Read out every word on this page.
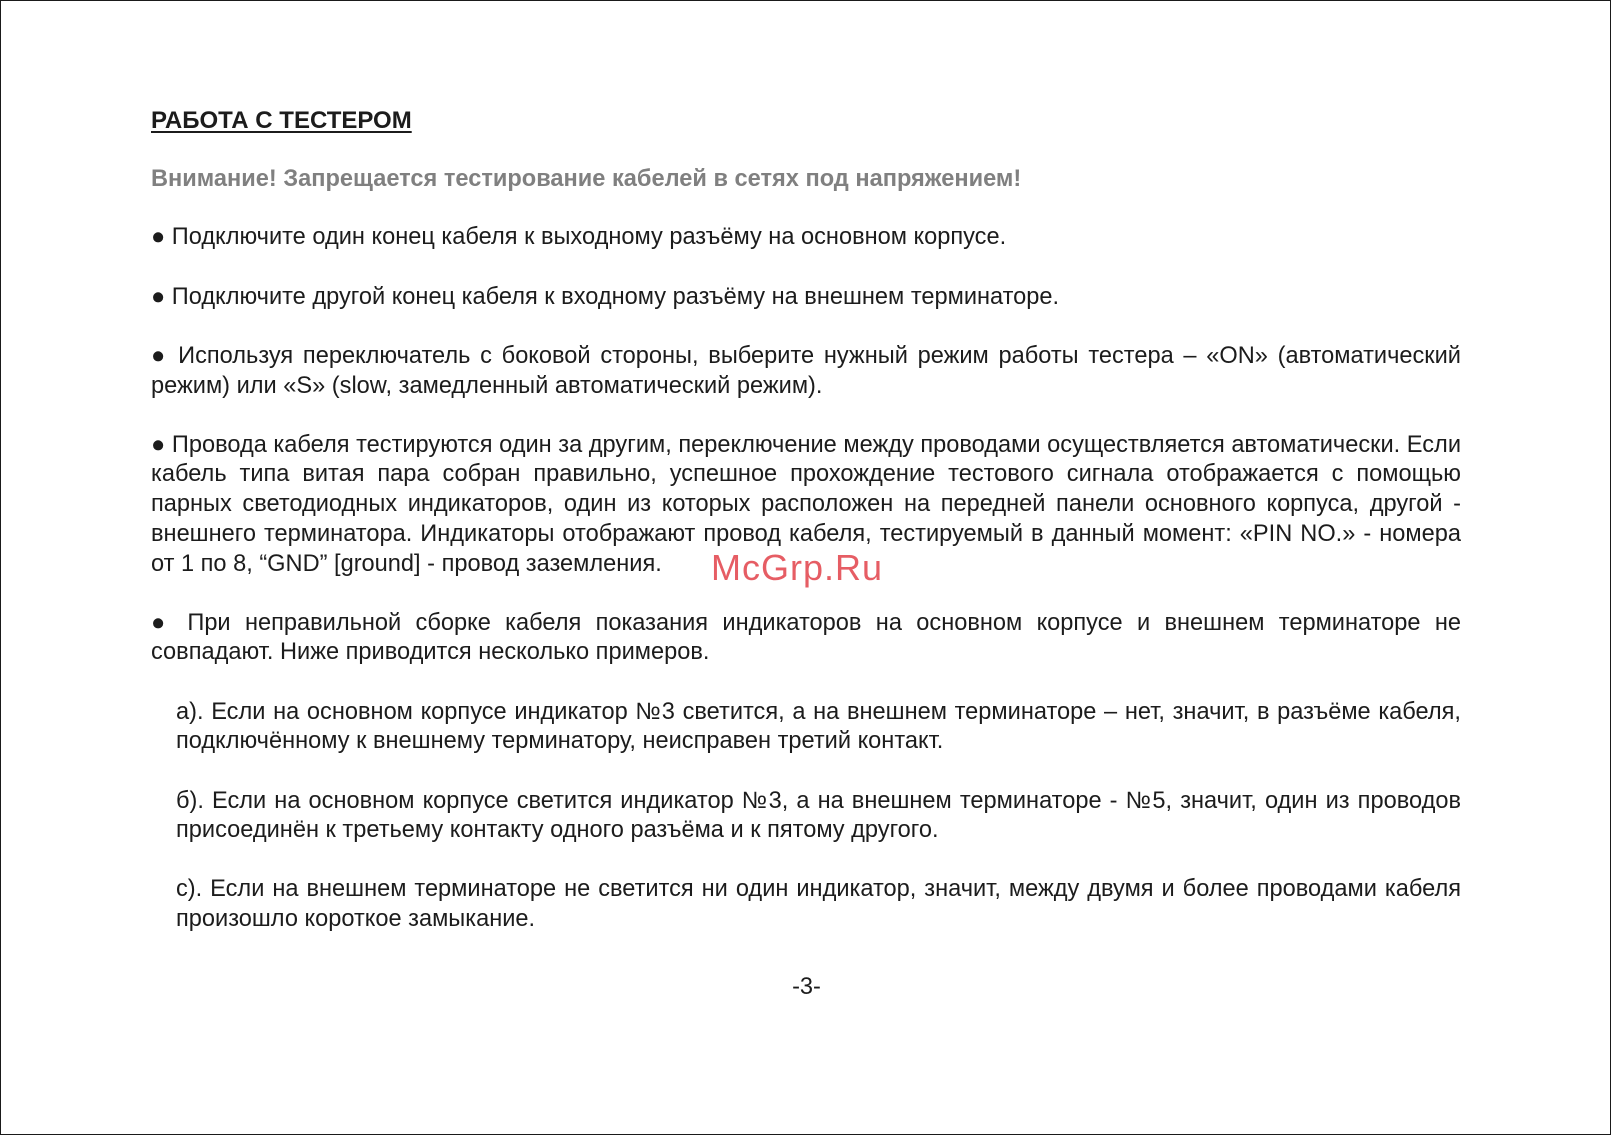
РАБОТА С ТЕСТЕРОМ
Внимание! Запрещается тестирование кабелей в сетях под напряжением!
● Подключите один конец кабеля к выходному разъёму на основном корпусе.
● Подключите другой конец кабеля к входному разъёму на внешнем терминаторе.
● Используя переключатель с боковой стороны, выберите нужный режим работы тестера – «ON» (автоматический режим) или «S» (slow, замедленный автоматический режим).
● Провода кабеля тестируются один за другим, переключение между проводами осуществляется автоматически. Если кабель типа витая пара собран правильно, успешное прохождение тестового сигнала отображается с помощью парных светодиодных индикаторов, один из которых расположен на передней панели основного корпуса, другой - внешнего терминатора. Индикаторы отображают провод кабеля, тестируемый в данный момент: «PIN NO.» - номера от 1 по 8, “GND” [ground] - провод заземления.
● При неправильной сборке кабеля показания индикаторов на основном корпусе и внешнем терминаторе не совпадают. Ниже приводится несколько примеров.
а). Если на основном корпусе индикатор №3 светится, а на внешнем терминаторе – нет, значит, в разъёме кабеля, подключённому к внешнему терминатору, неисправен третий контакт.
б). Если на основном корпусе светится индикатор №3, а на внешнем терминаторе - №5, значит, один из проводов присоединён к третьему контакту одного разъёма и к пятому другого.
с). Если на внешнем терминаторе не светится ни один индикатор, значит, между двумя и более проводами кабеля произошло короткое замыкание.
-3-
McGrp.Ru
